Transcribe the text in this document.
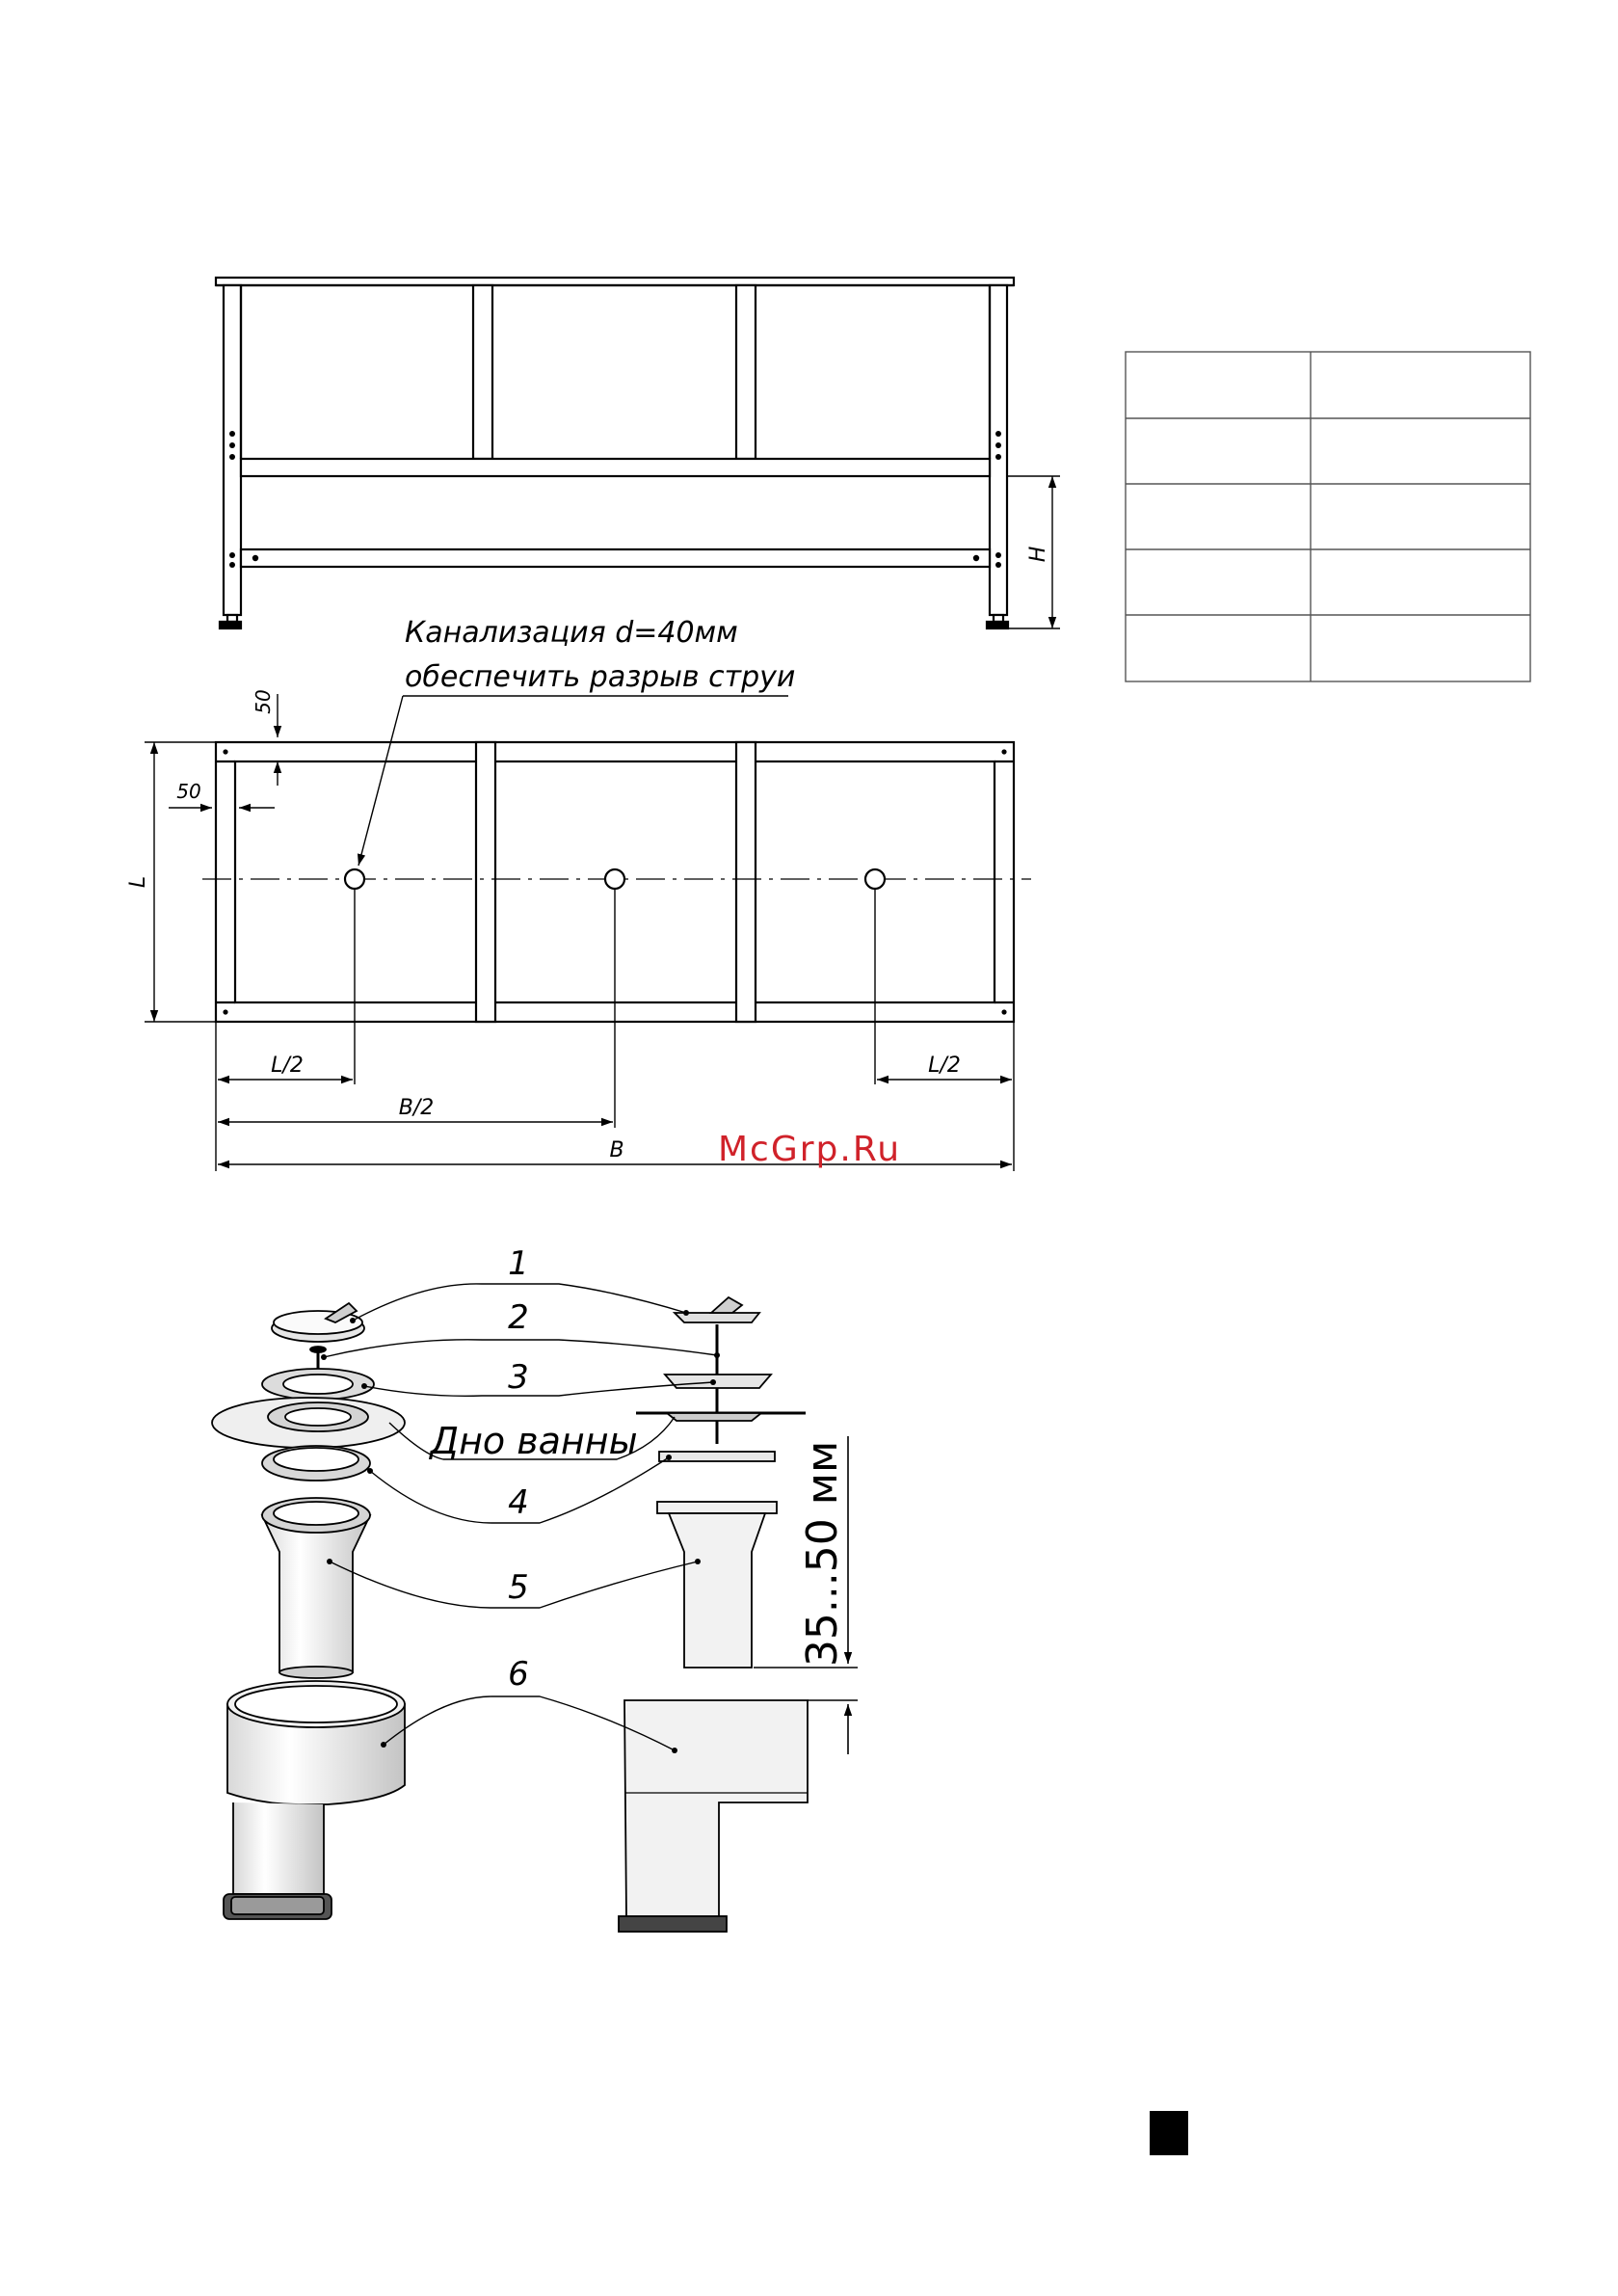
H
Канализация d=40мм
обеспечить разрыв струи
50
50
L
L/2	L/2
B/2
B	McGrp.Ru
35...50 мм
1
2
3
Дно ванны
4
5
6
